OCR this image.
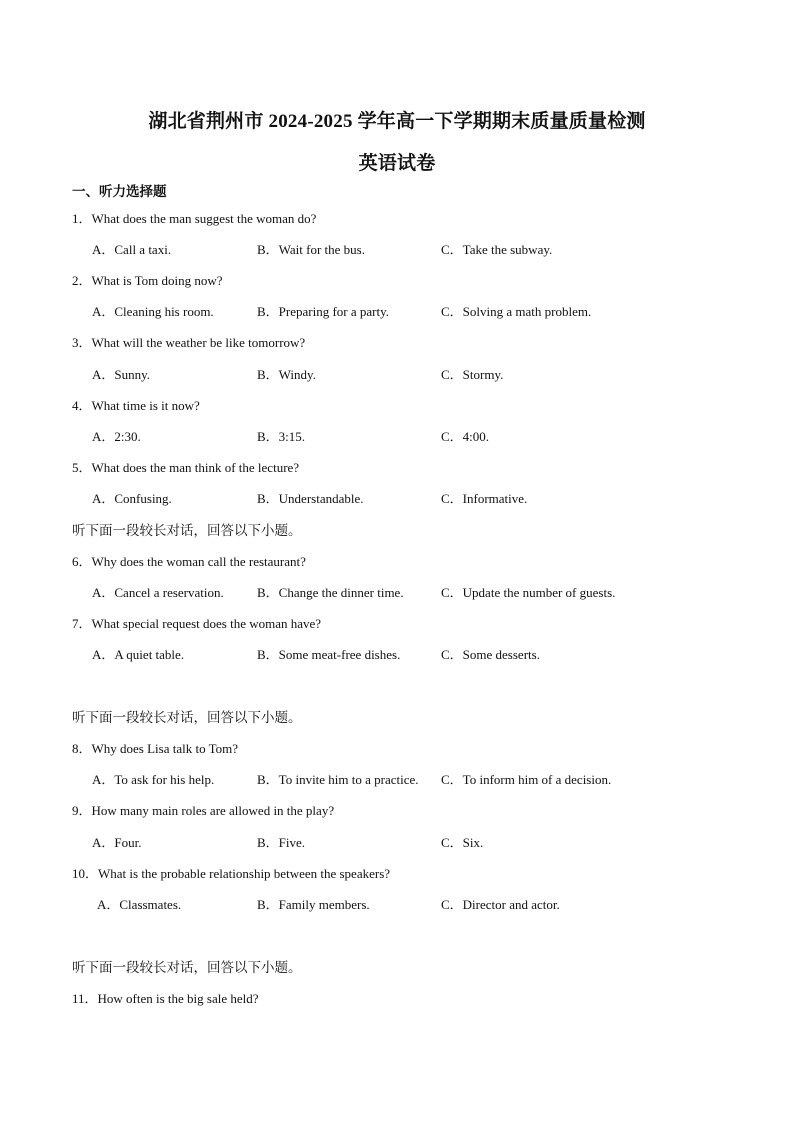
湖北省荆州市 2024-2025 学年高一下学期期末质量质量检测
英语试卷
一、听力选择题
1．What does the man suggest the woman do?
A．Call a taxi.	B．Wait for the bus.	C．Take the subway.
2．What is Tom doing now?
A．Cleaning his room.	B．Preparing for a party.	C．Solving a math problem.
3．What will the weather be like tomorrow?
A．Sunny.	B．Windy.	C．Stormy.
4．What time is it now?
A．2:30.	B．3:15.	C．4:00.
5．What does the man think of the lecture?
A．Confusing.	B．Understandable.	C．Informative.
听下面一段较长对话，回答以下小题。
6．Why does the woman call the restaurant?
A．Cancel a reservation.	B．Change the dinner time.	C．Update the number of guests.
7．What special request does the woman have?
A．A quiet table.	B．Some meat-free dishes.	C．Some desserts.
听下面一段较长对话，回答以下小题。
8．Why does Lisa talk to Tom?
A．To ask for his help.	B．To invite him to a practice. C．To inform him of a decision.
9．How many main roles are allowed in the play?
A．Four.	B．Five.	C．Six.
10．What is the probable relationship between the speakers?
A．Classmates.	B．Family members.	C．Director and actor.
听下面一段较长对话，回答以下小题。
11．How often is the big sale held?
